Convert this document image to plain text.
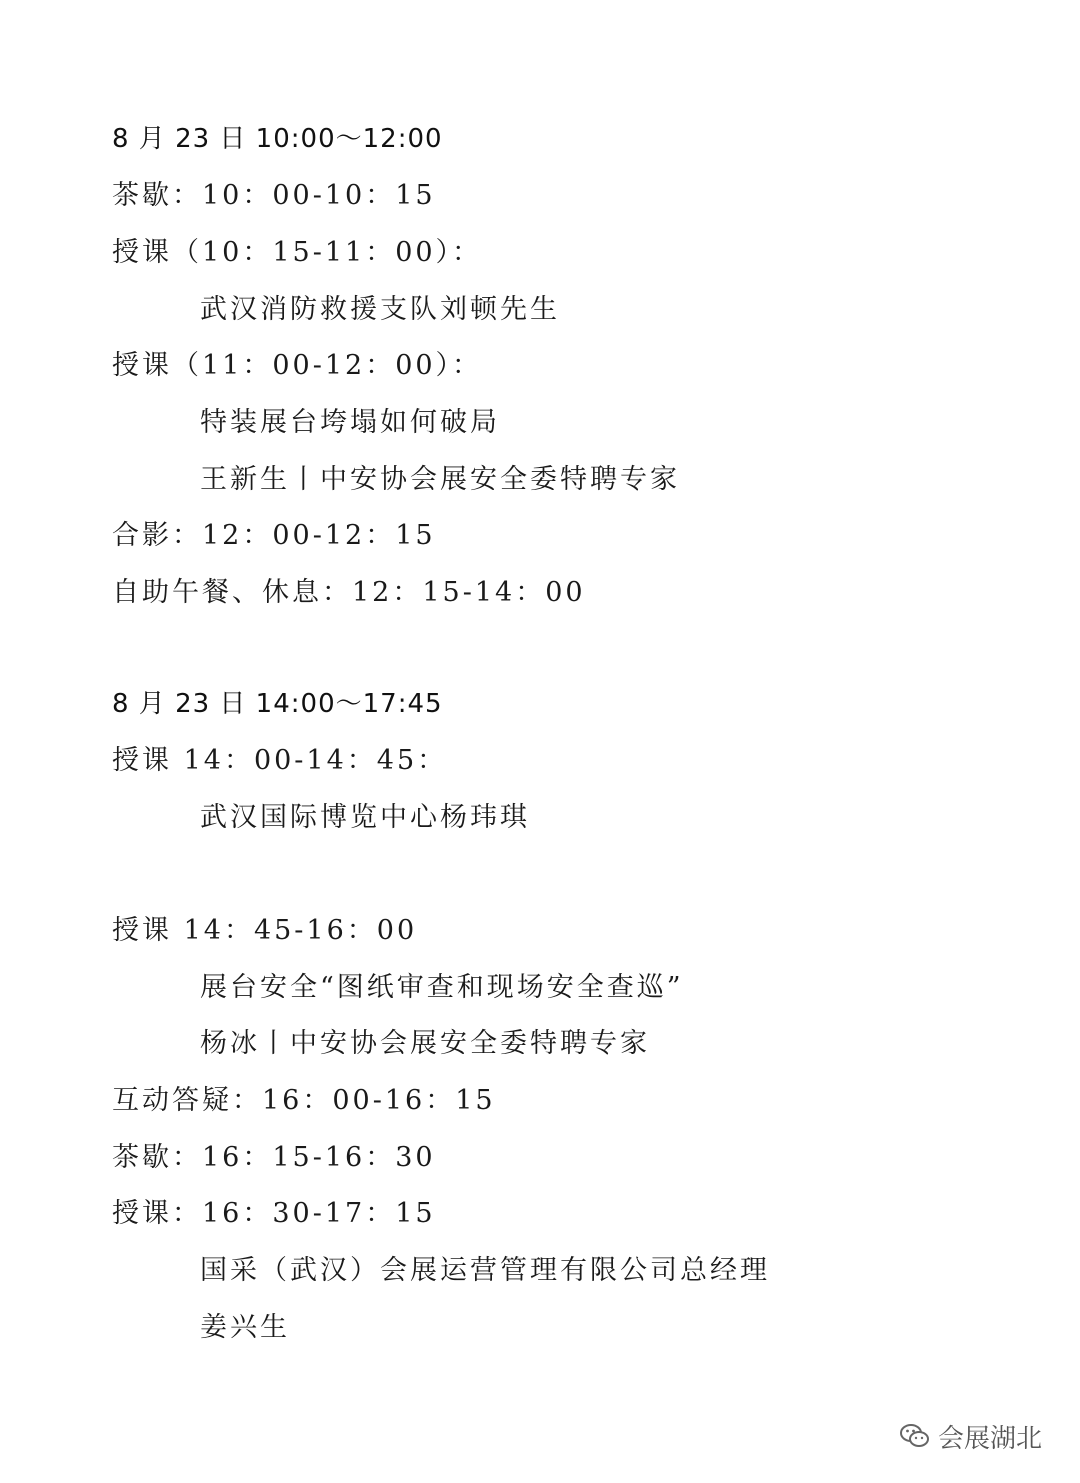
8 月 23 日 10:00～12:00
茶歇：10：00-10：15
授课（10：15-11：00）：
武汉消防救援支队刘顿先生
授课（11：00-12：00）：
特装展台垮塌如何破局
王新生丨中安协会展安全委特聘专家
合影：12：00-12：15
自助午餐、休息：12：15-14：00
8 月 23 日 14:00～17:45
授课 14：00-14：45：
武汉国际博览中心杨玮琪
授课 14：45-16：00
展台安全“图纸审查和现场安全查巡”
杨冰丨中安协会展安全委特聘专家
互动答疑：16：00-16：15
茶歇：16：15-16：30
授课：16：30-17：15
国采（武汉）会展运营管理有限公司总经理
姜兴生
会展湖北
